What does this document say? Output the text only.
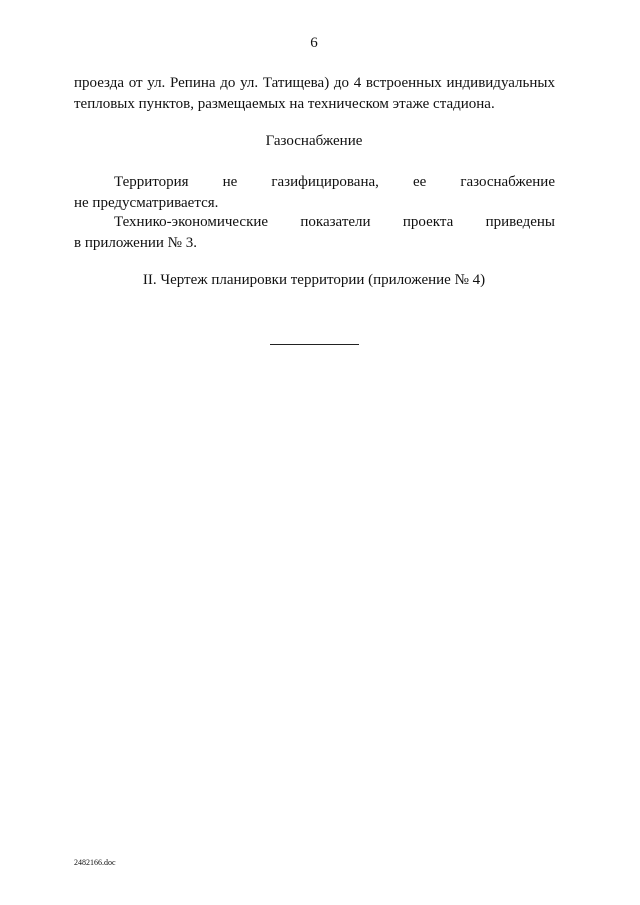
6
проезда от ул. Репина до ул. Татищева) до 4 встроенных индивидуальных
тепловых пунктов, размещаемых на техническом этаже стадиона.
Газоснабжение
Территория не газифицирована, ее газоснабжение
не предусматривается.
Технико-экономические показатели проекта приведены
в приложении № 3.
II. Чертеж планировки территории (приложение № 4)
2482166.doc
